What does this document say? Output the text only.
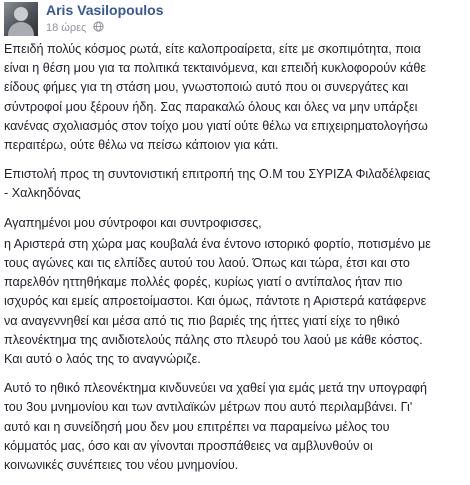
Aris Vasilopoulos
18 ώρες

Επειδή πολύς κόσμος ρωτά, είτε καλοπροαίρετα, είτε με σκοπιμότητα, ποια
είναι η θέση μου για τα πολιτικά τεκταινόμενα, και επειδή κυκλοφορούν κάθε
είδους φήμες για τη στάση μου, γνωστοποιώ αυτό που οι συνεργάτες και
σύντροφοί μου ξέρουν ήδη. Σας παρακαλώ όλους και όλες να μην υπάρξει
κανένας σχολιασμός στον τοίχο μου γιατί ούτε θέλω να επιχειρηματολογήσω
περαιτέρω, ούτε θέλω να πείσω κάποιον για κάτι.

Επιστολή προς τη συντονιστική επιτροπή της Ο.Μ του ΣΥΡΙΖΑ Φιλαδέλφειας
- Χαλκηδόνας

Αγαπημένοι μου σύντροφοι και συντροφισσες,

η Αριστερά στη χώρα μας κουβαλά ένα έντονο ιστορικό φορτίο, ποτισμένο με
τους αγώνες και τις ελπίδες αυτού του λαού. Όπως και τώρα, έτσι και στο
παρελθόν ηττηθήκαμε πολλές φορές, κυρίως γιατί ο αντίπαλος ήταν πιο
ισχυρός και εμείς απροετοίμαστοι. Και όμως, πάντοτε η Αριστερά κατάφερνε
να αναγεννηθεί και μέσα από τις πιο βαριές της ήττες γιατί είχε το ηθικό
πλεονέκτημα της ανιδιοτελούς πάλης στο πλευρό του λαού με κάθε κόστος.
Και αυτό ο λαός της το αναγνώριζε.

Αυτό το ηθικό πλεονέκτημα κινδυνεύει να χαθεί για εμάς μετά την υπογραφή
του 3ου μνημονίου και των αντιλαϊκών μέτρων που αυτό περιλαμβάνει. Γι'
αυτό και η συνείδησή μου δεν μου επιτρέπει να παραμείνω μέλος του
κόμματός μας, όσο και αν γίνονται προσπάθειες να αμβλυνθούν οι
κοινωνικές συνέπειες του νέου μνημονίου.
